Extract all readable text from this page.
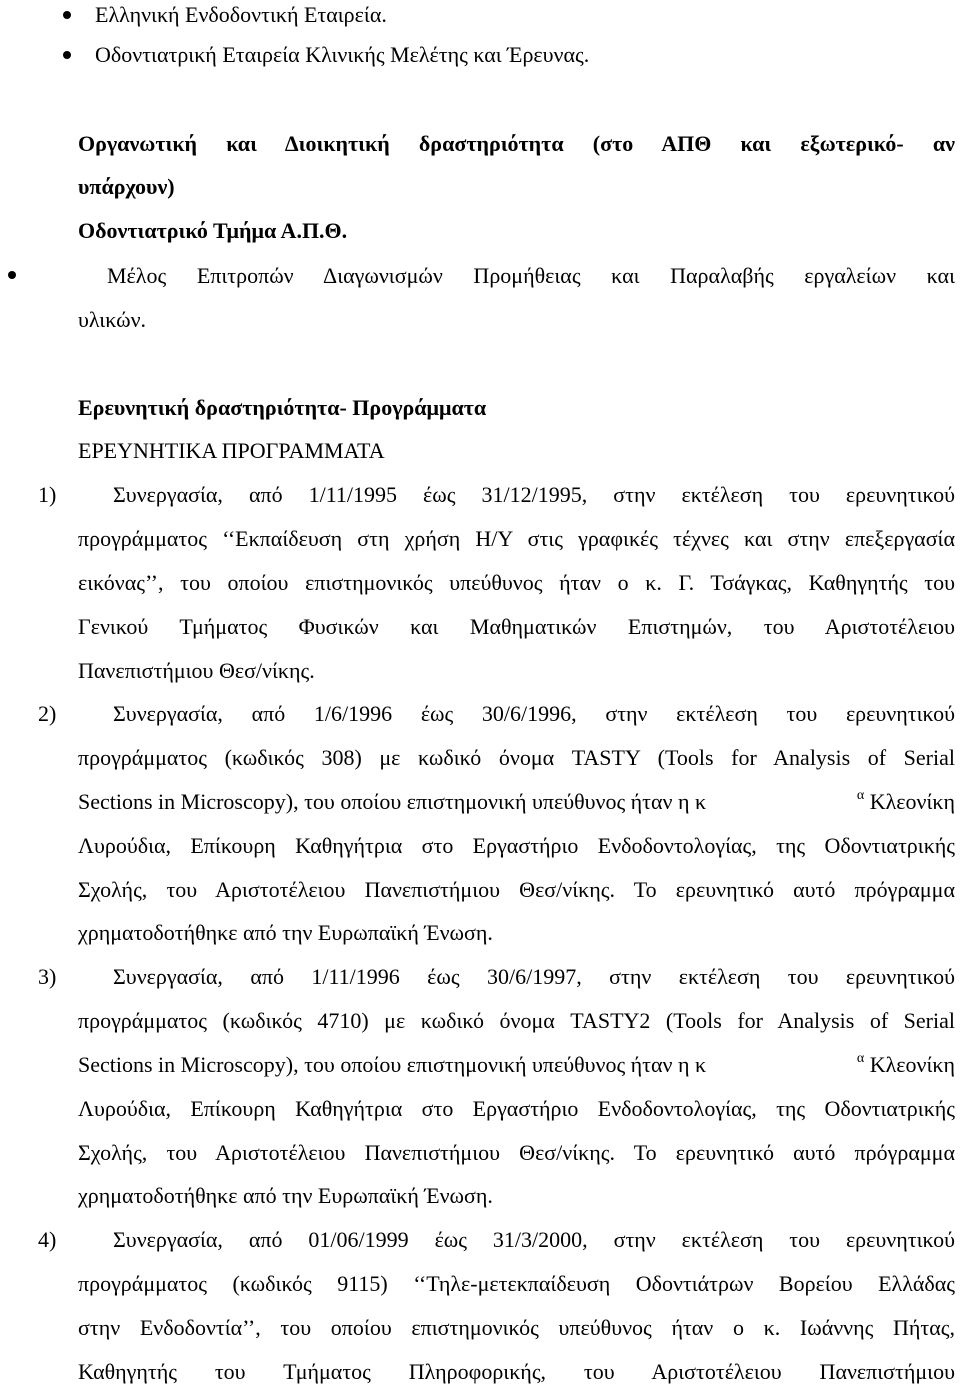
Ελληνική Ενδοδοντική Εταιρεία.
Οδοντιατρική Εταιρεία Κλινικής Μελέτης και Έρευνας.
Οργανωτική και Διοικητική δραστηριότητα (στο ΑΠΘ και εξωτερικό- αν
υπάρχουν)
Οδοντιατρικό Τμήμα Α.Π.Θ.
Μέλος Επιτροπών Διαγωνισμών Προμήθειας και Παραλαβής εργαλείων και
υλικών.
Ερευνητική δραστηριότητα- Προγράμματα
ΕΡΕΥΝΗΤΙΚΑ ΠΡΟΓΡΑΜΜΑΤΑ
1)	Συνεργασία, από 1/11/1995 έως 31/12/1995, στην εκτέλεση του ερευνητικού
προγράμματος ‘‘Εκπαίδευση στη χρήση Η/Υ στις γραφικές τέχνες και στην επεξεργασία
εικόνας’’, του οποίου επιστημονικός υπεύθυνος ήταν ο κ. Γ. Τσάγκας, Καθηγητής του
Γενικού Τμήματος Φυσικών και Μαθηματικών Επιστημών, του Αριστοτέλειου
Πανεπιστήμιου Θεσ/νίκης.
2)	Συνεργασία, από 1/6/1996 έως 30/6/1996, στην εκτέλεση του ερευνητικού
προγράμματος (κωδικός 308) με κωδικό όνομα TASTY (Tools for Analysis of Serial
Sections in Microscopy), του οποίου επιστημονική υπεύθυνος ήταν η κ	$^\alpha$ Κλεονίκη
Λυρούδια, Επίκουρη Καθηγήτρια στο Εργαστήριο Ενδοδοντολογίας, της Οδοντιατρικής
Σχολής, του Αριστοτέλειου Πανεπιστήμιου Θεσ/νίκης. Το ερευνητικό αυτό πρόγραμμα
χρηματοδοτήθηκε από την Ευρωπαϊκή Ένωση.
3)	Συνεργασία, από 1/11/1996 έως 30/6/1997, στην εκτέλεση του ερευνητικού
προγράμματος (κωδικός 4710) με κωδικό όνομα TASTY2 (Tools for Analysis of Serial
Sections in Microscopy), του οποίου επιστημονική υπεύθυνος ήταν η κ	$^\alpha$ Κλεονίκη
Λυρούδια, Επίκουρη Καθηγήτρια στο Εργαστήριο Ενδοδοντολογίας, της Οδοντιατρικής
Σχολής, του Αριστοτέλειου Πανεπιστήμιου Θεσ/νίκης. Το ερευνητικό αυτό πρόγραμμα
χρηματοδοτήθηκε από την Ευρωπαϊκή Ένωση.
4)	Συνεργασία, από 01/06/1999 έως 31/3/2000, στην εκτέλεση του ερευνητικού
προγράμματος (κωδικός 9115) ‘‘Τηλε-μετεκπαίδευση Οδοντιάτρων Βορείου Ελλάδας
στην Ενδοδοντία’’, του οποίου επιστημονικός υπεύθυνος ήταν ο κ. Ιωάννης Πήτας,
Καθηγητής του Τμήματος Πληροφορικής, του Αριστοτέλειου Πανεπιστήμιου
